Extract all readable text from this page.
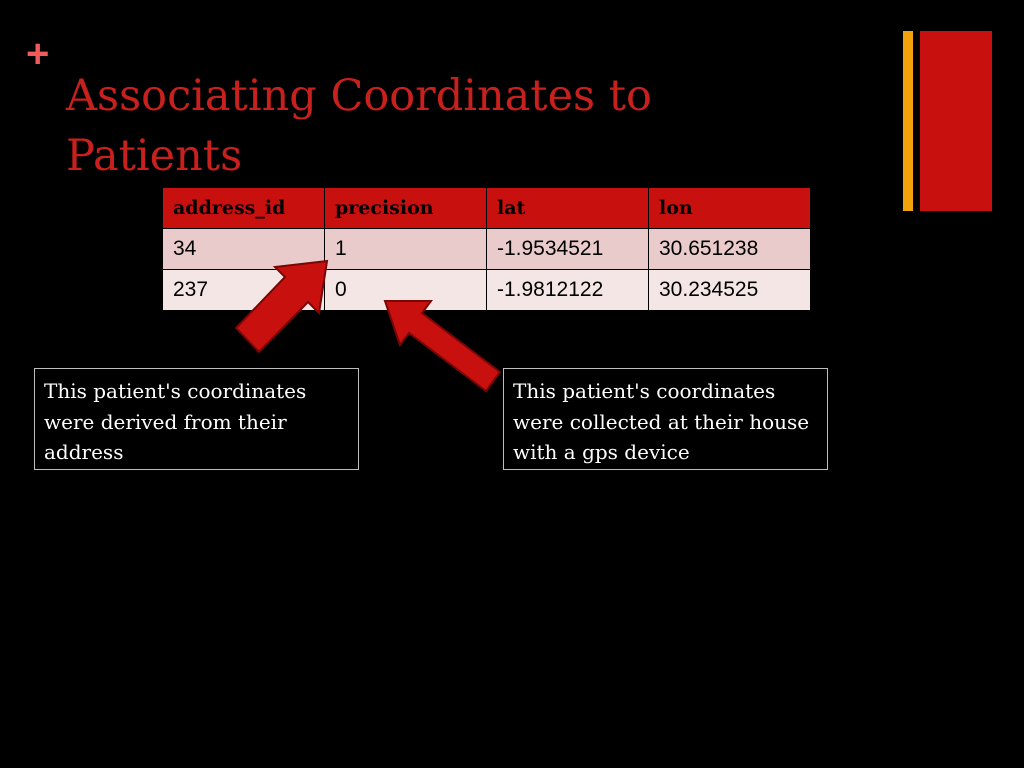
+
Associating Coordinates to Patients
address_id	precision	lat	lon
34	1	-1.9534521	30.651238
237	0	-1.9812122	30.234525
This patient's coordinates were derived from their address
This patient's coordinates were collected at their house with a gps device
